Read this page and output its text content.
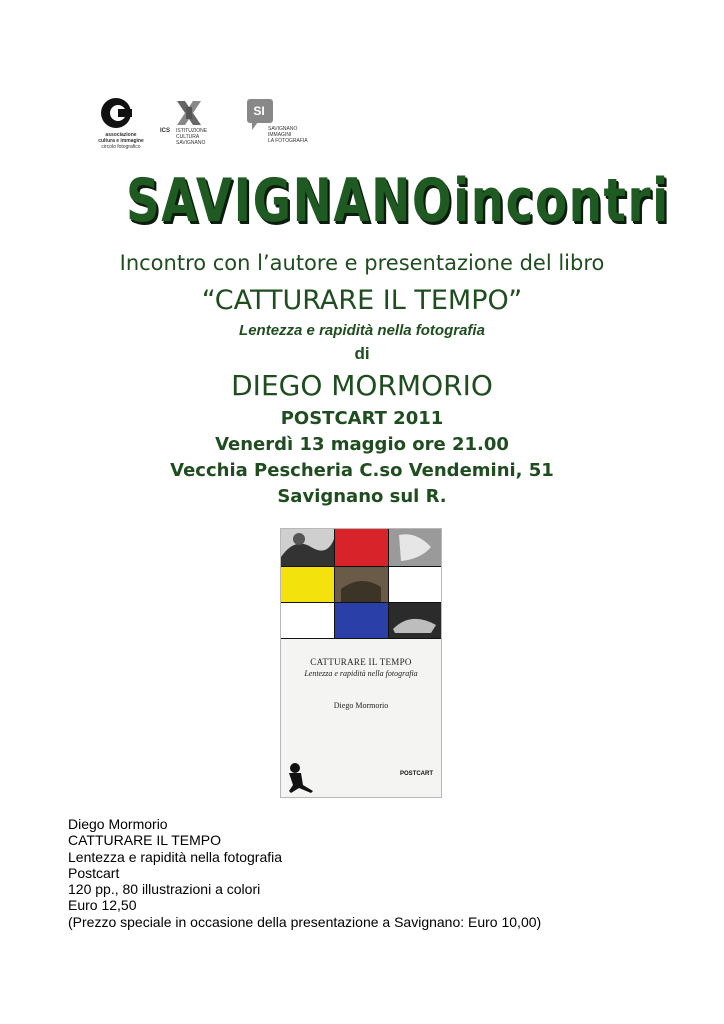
associazione
cultura e immagine
circolo fotografico
ICS ISTITUZIONE
CULTURA
SAVIGNANO
SI
SAVIGNANO
IMMAGINI
LA FOTOGRAFIA
SAVIGNANOincontri
Incontro con l’autore e presentazione del libro
“CATTURARE IL TEMPO”
Lentezza e rapidità nella fotografia
di
DIEGO MORMORIO
POSTCART 2011
Venerdì 13 maggio ore 21.00
Vecchia Pescheria C.so Vendemini, 51
Savignano sul R.
CATTURARE IL TEMPO
Lentezza e rapidità nella fotografia
Diego Mormorio
POSTCART
Diego Mormorio
CATTURARE IL TEMPO
Lentezza e rapidità nella fotografia
Postcart
120 pp., 80 illustrazioni a colori
Euro 12,50
(Prezzo speciale in occasione della presentazione a Savignano: Euro 10,00)
